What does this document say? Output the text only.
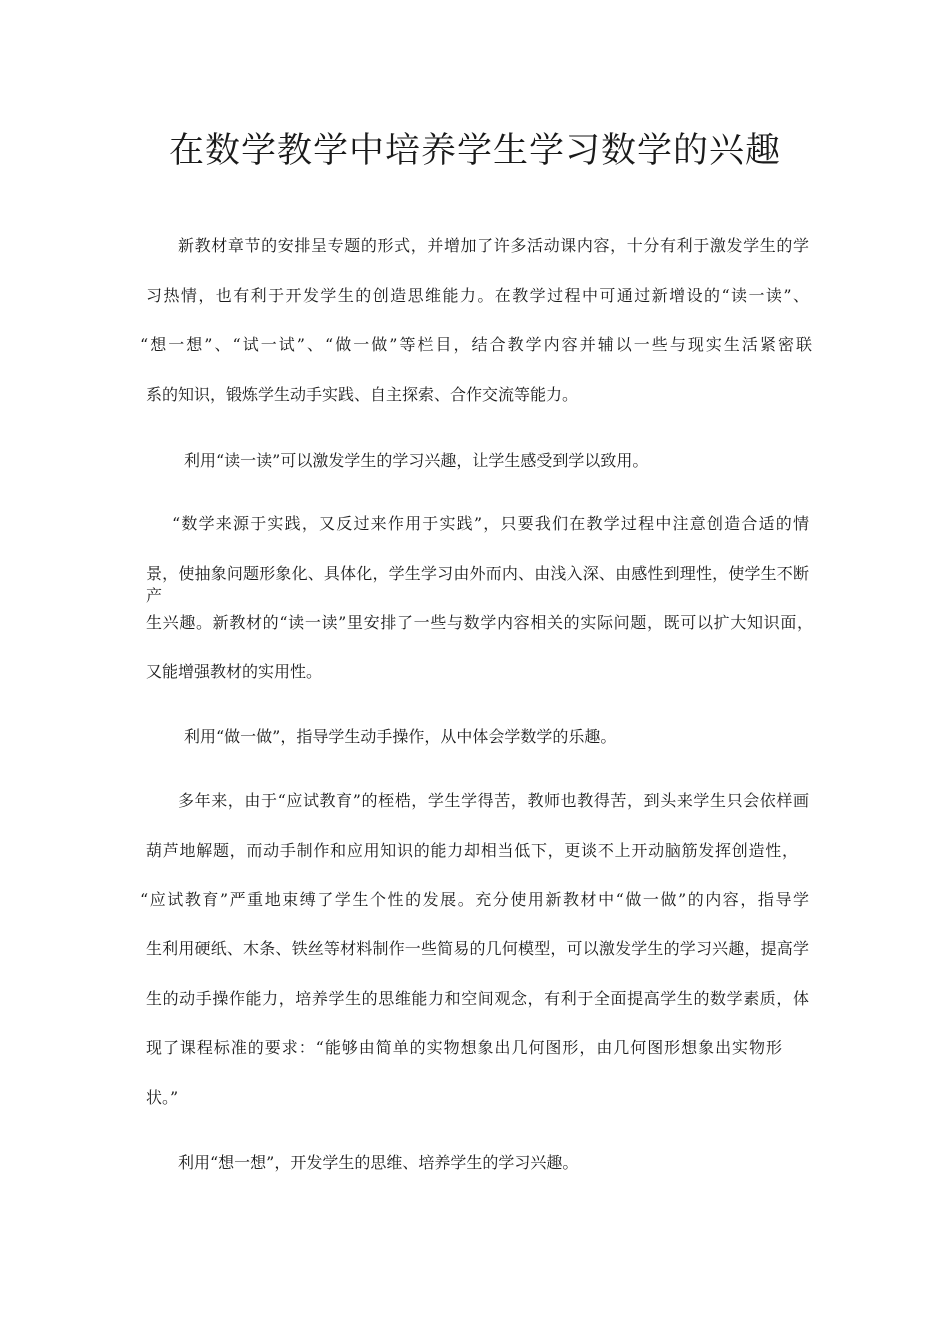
在数学教学中培养学生学习数学的兴趣

新教材章节的安排呈专题的形式，并增加了许多活动课内容，十分有利于激发学生的学

习热情，也有利于开发学生的创造思维能力。在教学过程中可通过新增设的“读一读”、

“想一想”、“试一试”、“做一做”等栏目，结合教学内容并辅以一些与现实生活紧密联

系的知识，锻炼学生动手实践、自主探索、合作交流等能力。

利用“读一读”可以激发学生的学习兴趣，让学生感受到学以致用。

“数学来源于实践，又反过来作用于实践”，只要我们在教学过程中注意创造合适的情

景，使抽象问题形象化、具体化，学生学习由外而内、由浅入深、由感性到理性，使学生不断产

生兴趣。新教材的“读一读”里安排了一些与数学内容相关的实际问题，既可以扩大知识面，

又能增强教材的实用性。

利用“做一做”，指导学生动手操作，从中体会学数学的乐趣。

多年来，由于“应试教育”的桎梏，学生学得苦，教师也教得苦，到头来学生只会依样画

葫芦地解题，而动手制作和应用知识的能力却相当低下，更谈不上开动脑筋发挥创造性，

“应试教育”严重地束缚了学生个性的发展。充分使用新教材中“做一做”的内容，指导学

生利用硬纸、木条、铁丝等材料制作一些简易的几何模型，可以激发学生的学习兴趣，提高学

生的动手操作能力，培养学生的思维能力和空间观念，有利于全面提高学生的数学素质，体

现了课程标准的要求：“能够由简单的实物想象出几何图形，由几何图形想象出实物形

状。”

利用“想一想”，开发学生的思维、培养学生的学习兴趣。
